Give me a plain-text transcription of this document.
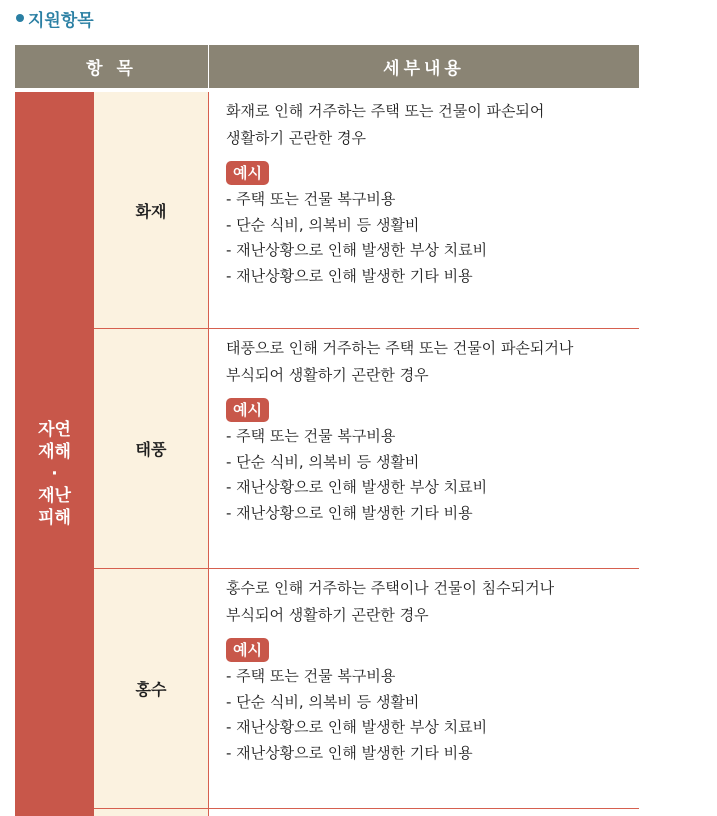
지원항목
항 목	세부내용
자연
재해
·
재난
피해
화재
화재로 인해 거주하는 주택 또는 건물이 파손되어
생활하기 곤란한 경우
예시
- 주택 또는 건물 복구비용
- 단순 식비, 의복비 등 생활비
- 재난상황으로 인해 발생한 부상 치료비
- 재난상황으로 인해 발생한 기타 비용
태풍
태풍으로 인해 거주하는 주택 또는 건물이 파손되거나
부식되어 생활하기 곤란한 경우
예시
- 주택 또는 건물 복구비용
- 단순 식비, 의복비 등 생활비
- 재난상황으로 인해 발생한 부상 치료비
- 재난상황으로 인해 발생한 기타 비용
홍수
홍수로 인해 거주하는 주택이나 건물이 침수되거나
부식되어 생활하기 곤란한 경우
예시
- 주택 또는 건물 복구비용
- 단순 식비, 의복비 등 생활비
- 재난상황으로 인해 발생한 부상 치료비
- 재난상황으로 인해 발생한 기타 비용
